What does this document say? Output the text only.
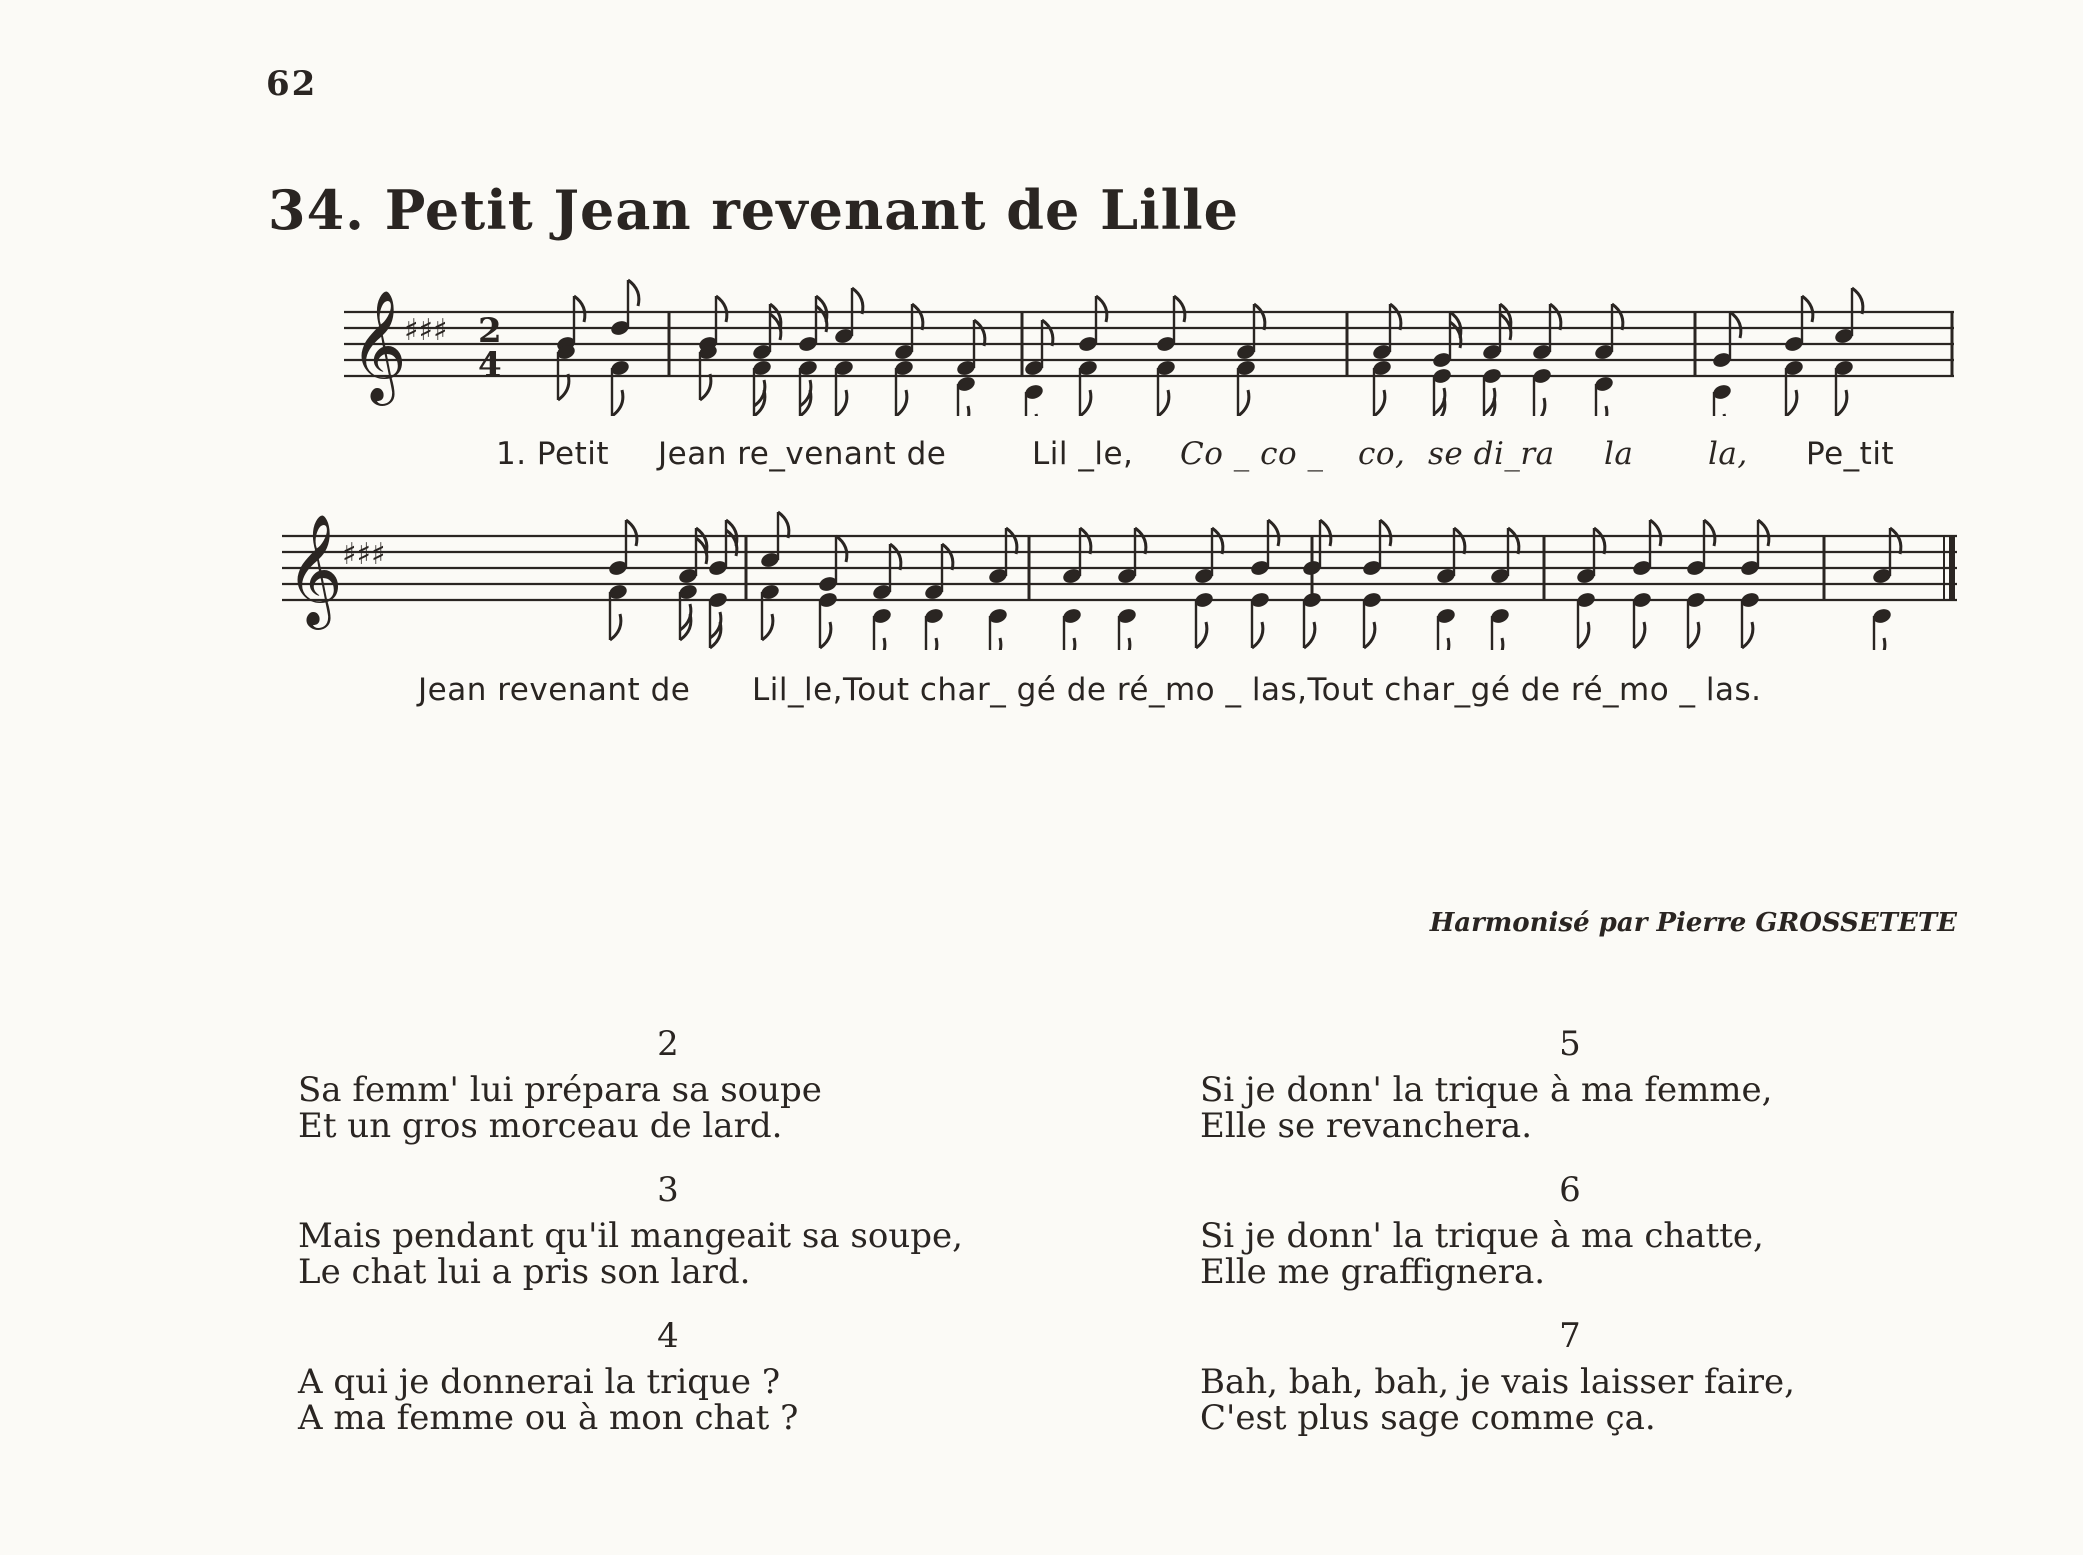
62
34. Petit Jean revenant de Lille
𝄞
♯♯♯ 2
4
1. Petit Jean re_venant de	Lil _le, Co _ co _ co, se di_ra la la, Pe_tit
𝄞 ♯♯♯
Jean revenant de Lil_le,Tout char_ gé de ré_mo _ las,Tout char_gé de ré_mo _ las.
Harmonisé par Pierre GROSSETETE
2
Sa femm' lui prépara sa soupe
Et un gros morceau de lard.
3
Mais pendant qu'il mangeait sa soupe,
Le chat lui a pris son lard.
4
A qui je donnerai la trique ?
A ma femme ou à mon chat ?
5
Si je donn' la trique à ma femme,
Elle se revanchera.
6
Si je donn' la trique à ma chatte,
Elle me graffignera.
7
Bah, bah, bah, je vais laisser faire,
C'est plus sage comme ça.
